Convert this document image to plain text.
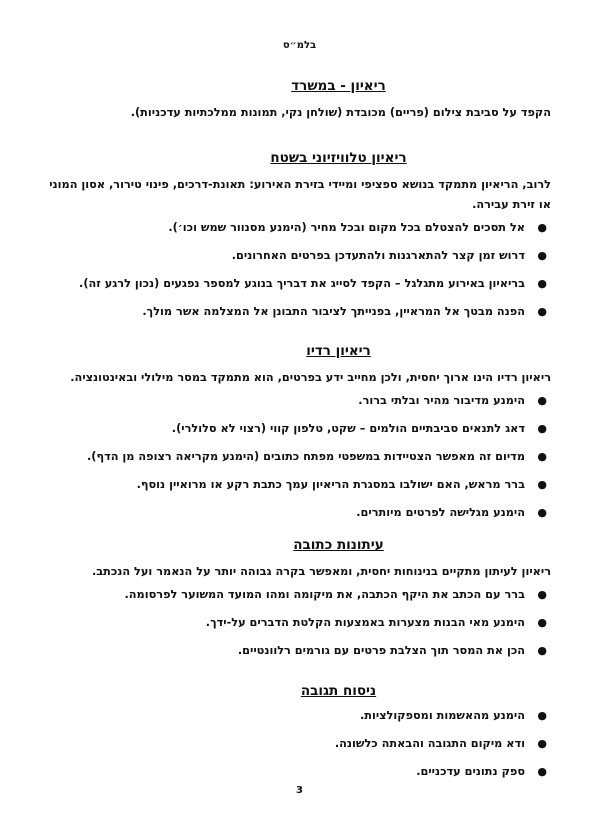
בלמ״ס
ריאיון - במשרד

הקפד על סביבת צילום (פריים) מכובדת (שולחן נקי, תמונות ממלכתיות עדכניות).

ריאיון טלוויזיוני בשטח

לרוב, הריאיון מתמקד בנושא ספציפי ומיידי בזירת האירוע: תאונת-דרכים, פינוי טירור, אסון המוני או זירת עבירה.

●
אל תסכים להצטלם בכל מקום ובכל מחיר (הימנע מסנוור שמש וכו׳).
●
דרוש זמן קצר להתארגנות ולהתעדכן בפרטים האחרונים.
●
בריאיון באירוע מתגלגל – הקפד לסייג את דבריך בנוגע למספר נפגעים (נכון לרגע זה).
●
הפנה מבטך אל המראיין, בפנייתך לציבור התבונן אל המצלמה אשר מולך.
ריאיון רדיו

ריאיון רדיו הינו ארוך יחסית, ולכן מחייב ידע בפרטים, הוא מתמקד במסר מילולי ובאינטונציה.

●
הימנע מדיבור מהיר ובלתי ברור.
●
דאג לתנאים סביבתיים הולמים – שקט, טלפון קווי (רצוי לא סלולרי).
●
מדיום זה מאפשר הצטיידות במשפטי מפתח כתובים (הימנע מקריאה רצופה מן הדף).
●
ברר מראש, האם ישולבו במסגרת הריאיון עמך כתבת רקע או מרואיין נוסף.
●
הימנע מגלישה לפרטים מיותרים.
עיתונות כתובה

ריאיון לעיתון מתקיים בנינוחות יחסית, ומאפשר בקרה גבוהה יותר על הנאמר ועל הנכתב.

●
ברר עם הכתב את היקף הכתבה, את מיקומה ומהו המועד המשוער לפרסומה.
●
הימנע מאי הבנות מצערות באמצעות הקלטת הדברים על-ידך.
●
הכן את המסר תוך הצלבת פרטים עם גורמים רלוונטיים.
ניסוח תגובה
●
הימנע מהאשמות ומספקולציות.
●
ודא מיקום התגובה והבאתה כלשונה.
●
ספק נתונים עדכניים.
3
